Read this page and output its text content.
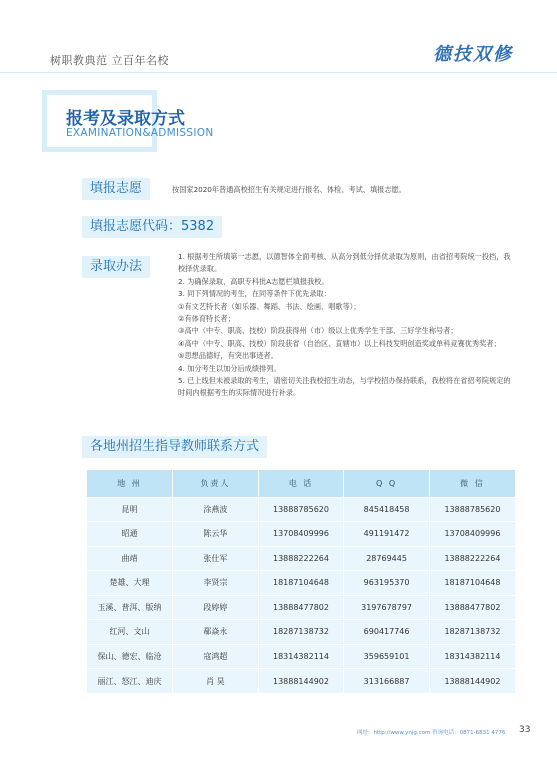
树职教典范 立百年名校	德技双修
报考及录取方式
EXAMINATION&ADMISSION
填报志愿	按国家2020年普通高校招生有关规定进行报名、体检、考试、填报志愿。

填报志愿代码：5382
录取办法

1. 根据考生所填第一志愿，以德智体全面考核、从高分到低分择优录取为原则，由省招考院统一投档，我校择优录取。

2. 为确保录取，高职专科批A志愿栏填报我校。

3. 同下列情况的考生，在同等条件下优先录取：

①有文艺特长者（如乐器、舞蹈、书法、绘画、唱歌等）；

②有体育特长者；

③高中（中专、职高、技校）阶段获得州（市）级以上优秀学生干部、三好学生称号者；

④高中（中专、职高、技校）阶段获省（自治区、直辖市）以上科技发明创造奖或单科竞赛优秀奖者；

⑤思想品德好，有突出事迹者。

4. 加分考生以加分后成绩排列。

5. 已上线但未被录取的考生，请密切关注我校招生动态，与学校招办保持联系，我校将在省招考院规定的时间内根据考生的实际情况进行补录。

各地州招生指导教师联系方式
地 州	负责人	电 话	Q Q	微 信
昆明	涂燕波	13888785620	845418458	13888785620
昭通	陈云华	13708409996	491191472	13708409996
曲靖	张仕军	13888222264	28769445	13888222264
楚雄、大理	李贤宗	18187104648	963195370	18187104648
玉溪、普洱、版纳	段婷婷	13888477802	3197678797	13888477802
红河、文山	郗焱永	18287138732	690417746	18287138732
保山、德宏、临沧	寇鸿超	18314382114	359659101	18314382114
丽江、怒江、迪庆	肖 昊	13888144902	313166887	13888144902
网址：http://www.ynjg.com 咨询电话：0871-6831 4776 33
